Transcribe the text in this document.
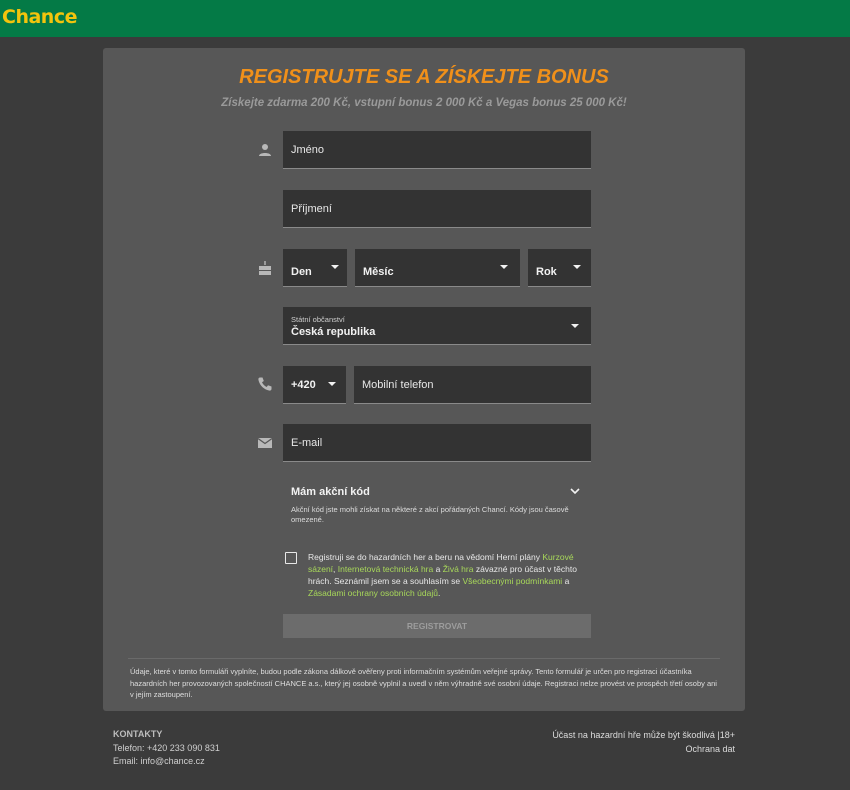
Chance
REGISTRUJTE SE A ZÍSKEJTE BONUS
Získejte zdarma 200 Kč, vstupní bonus 2 000 Kč a Vegas bonus 25 000 Kč!
Jméno
Příjmení
Den	Měsíc	Rok
Státní občanství
Česká republika
+420	Mobilní telefon
E-mail
Mám akční kód
Akční kód jste mohli získat na některé z akcí pořádaných Chancí. Kódy jsou časově omezené.
Registruji se do hazardních her a beru na vědomí Herní plány Kurzové sázení, Internetová technická hra a Živá hra závazné pro účast v těchto hrách. Seznámil jsem se a souhlasím se Všeobecnými podmínkami a Zásadami ochrany osobních údajů.
REGISTROVAT
Údaje, které v tomto formuláři vyplníte, budou podle zákona dálkově ověřeny proti informačním systémům veřejné správy. Tento formulář je určen pro registraci účastníka hazardních her provozovaných společností CHANCE a.s., který jej osobně vyplnil a uvedl v něm výhradně své osobní údaje. Registraci nelze provést ve prospěch třetí osoby ani v jejím zastoupení.
KONTAKTY
Telefon: +420 233 090 831
Email: info@chance.cz
Účast na hazardní hře může být škodlivá |18+
Ochrana dat
